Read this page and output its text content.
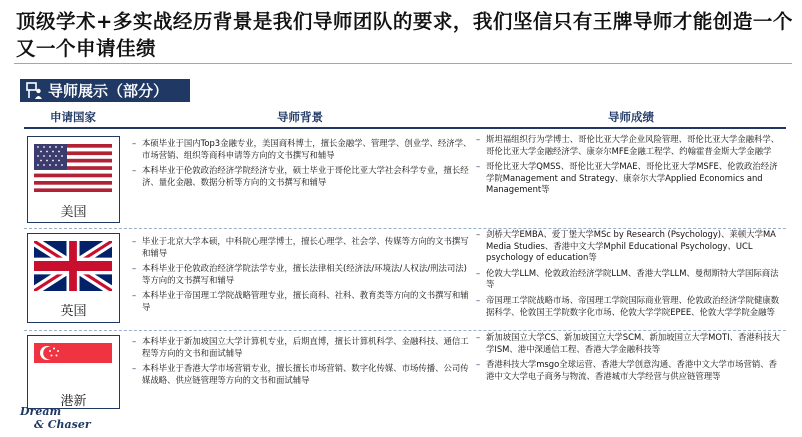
顶级学术+多实战经历背景是我们导师团队的要求，我们坚信只有王牌导师才能创造一个又一个申请佳绩

导师展示（部分）
申请国家	导师背景	导师成绩
美国
– 本硕毕业于国内Top3金融专业，美国商科博士，擅长金融学、管理学、创业学、经济学、市场营销、组织等商科申请等方向的文书撰写和辅导
– 本科毕业于伦敦政治经济学院经济专业，硕士毕业于哥伦比亚大学社会科学专业，擅长经济、量化金融、数据分析等方向的文书撰写和辅导
– 斯坦福组织行为学博士、哥伦比亚大学企业风险管理、哥伦比亚大学金融科学、哥伦比亚大学金融经济学、康奈尔MFE金融工程学、约翰霍普金斯大学金融学
– 哥伦比亚大学QMSS、哥伦比亚大学MAE、哥伦比亚大学MSFE、伦敦政治经济学院Management and Strategy、康奈尔大学Applied Economics and Management等
英国
– 毕业于北京大学本硕，中科院心理学博士，擅长心理学、社会学、传媒等方向的文书撰写和辅导
– 本科毕业于伦敦政治经济学院法学专业，擅长法律相关(经济法/环境法/人权法/刑法司法)等方向的文书撰写和辅导
– 本科毕业于帝国理工学院战略管理专业，擅长商科、社科、教育类等方向的文书撰写和辅导
– 剑桥大学EMBA、爱丁堡大学MSc by Research (Psychology)、莱顿大学MA Media Studies、香港中文大学Mphil Educational Psychology、UCL psychology of education等
– 伦敦大学LLM、伦敦政治经济学院LLM、香港大学LLM、曼彻斯特大学国际商法等
– 帝国理工学院战略市场、帝国理工学院国际商业管理、伦敦政治经济学院健康数据科学、伦敦国王学院数字化市场、伦敦大学学院EPEE、伦敦大学学院金融等
港新
– 本科毕业于新加坡国立大学计算机专业，后期直博，擅长计算机科学、金融科技、通信工程等方向的文书和面试辅导
– 本科毕业于香港大学市场营销专业，擅长擅长市场营销、数字化传媒、市场传播、公司传媒战略、供应链管理等方向的文书和面试辅导
– 新加坡国立大学CS、新加坡国立大学SCM、新加坡国立大学MOTI、香港科技大学ISM、港中深通信工程、香港大学金融科技等
– 香港科技大学msgo全球运营、香港大学创意沟通、香港中文大学市场营销、香港中文大学电子商务与物流、香港城市大学经营与供应链管理等
Dream
& Chaser
